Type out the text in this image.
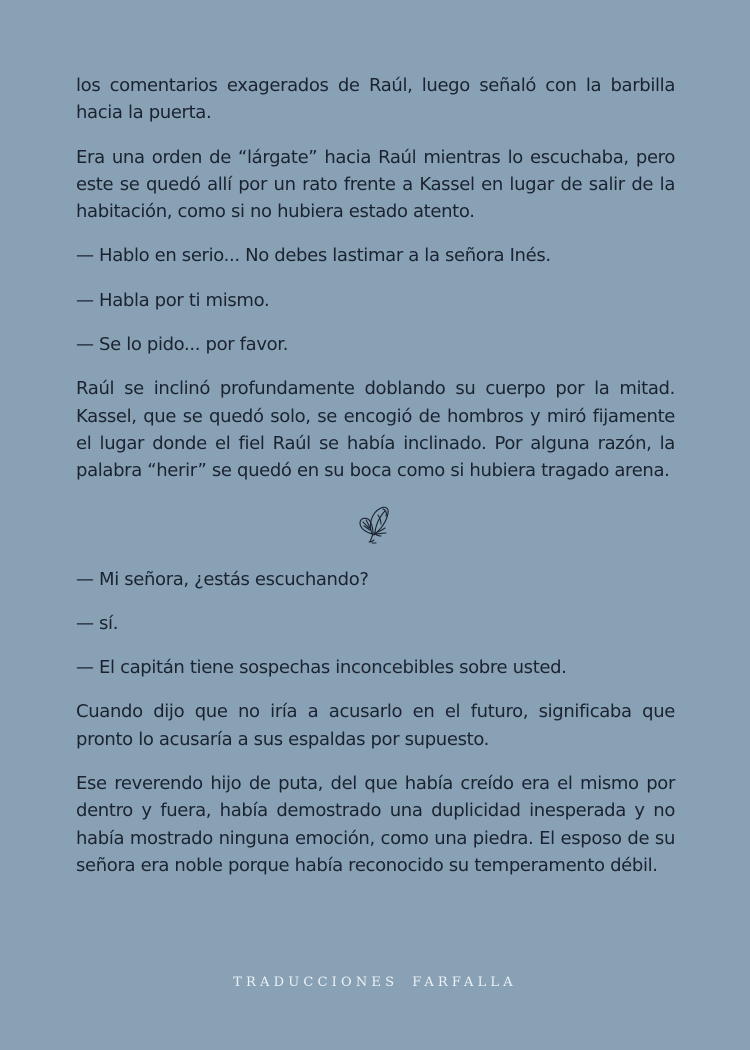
los comentarios exagerados de Raúl, luego señaló con la barbilla hacia la puerta.

Era una orden de “lárgate” hacia Raúl mientras lo escuchaba, pero este se quedó allí por un rato frente a Kassel en lugar de salir de la habitación, como si no hubiera estado atento.

— Hablo en serio... No debes lastimar a la señora Inés.

— Habla por ti mismo.

— Se lo pido... por favor.

Raúl se inclinó profundamente doblando su cuerpo por la mitad. Kassel, que se quedó solo, se encogió de hombros y miró fijamente el lugar donde el fiel Raúl se había inclinado. Por alguna razón, la palabra “herir” se quedó en su boca como si hubiera tragado arena.

— Mi señora, ¿estás escuchando?

— sí.

— El capitán tiene sospechas inconcebibles sobre usted.

Cuando dijo que no iría a acusarlo en el futuro, significaba que pronto lo acusaría a sus espaldas por supuesto.

Ese reverendo hijo de puta, del que había creído era el mismo por dentro y fuera, había demostrado una duplicidad inesperada y no había mostrado ninguna emoción, como una piedra. El esposo de su señora era noble porque había reconocido su temperamento débil.

TRADUCCIONES FARFALLA
